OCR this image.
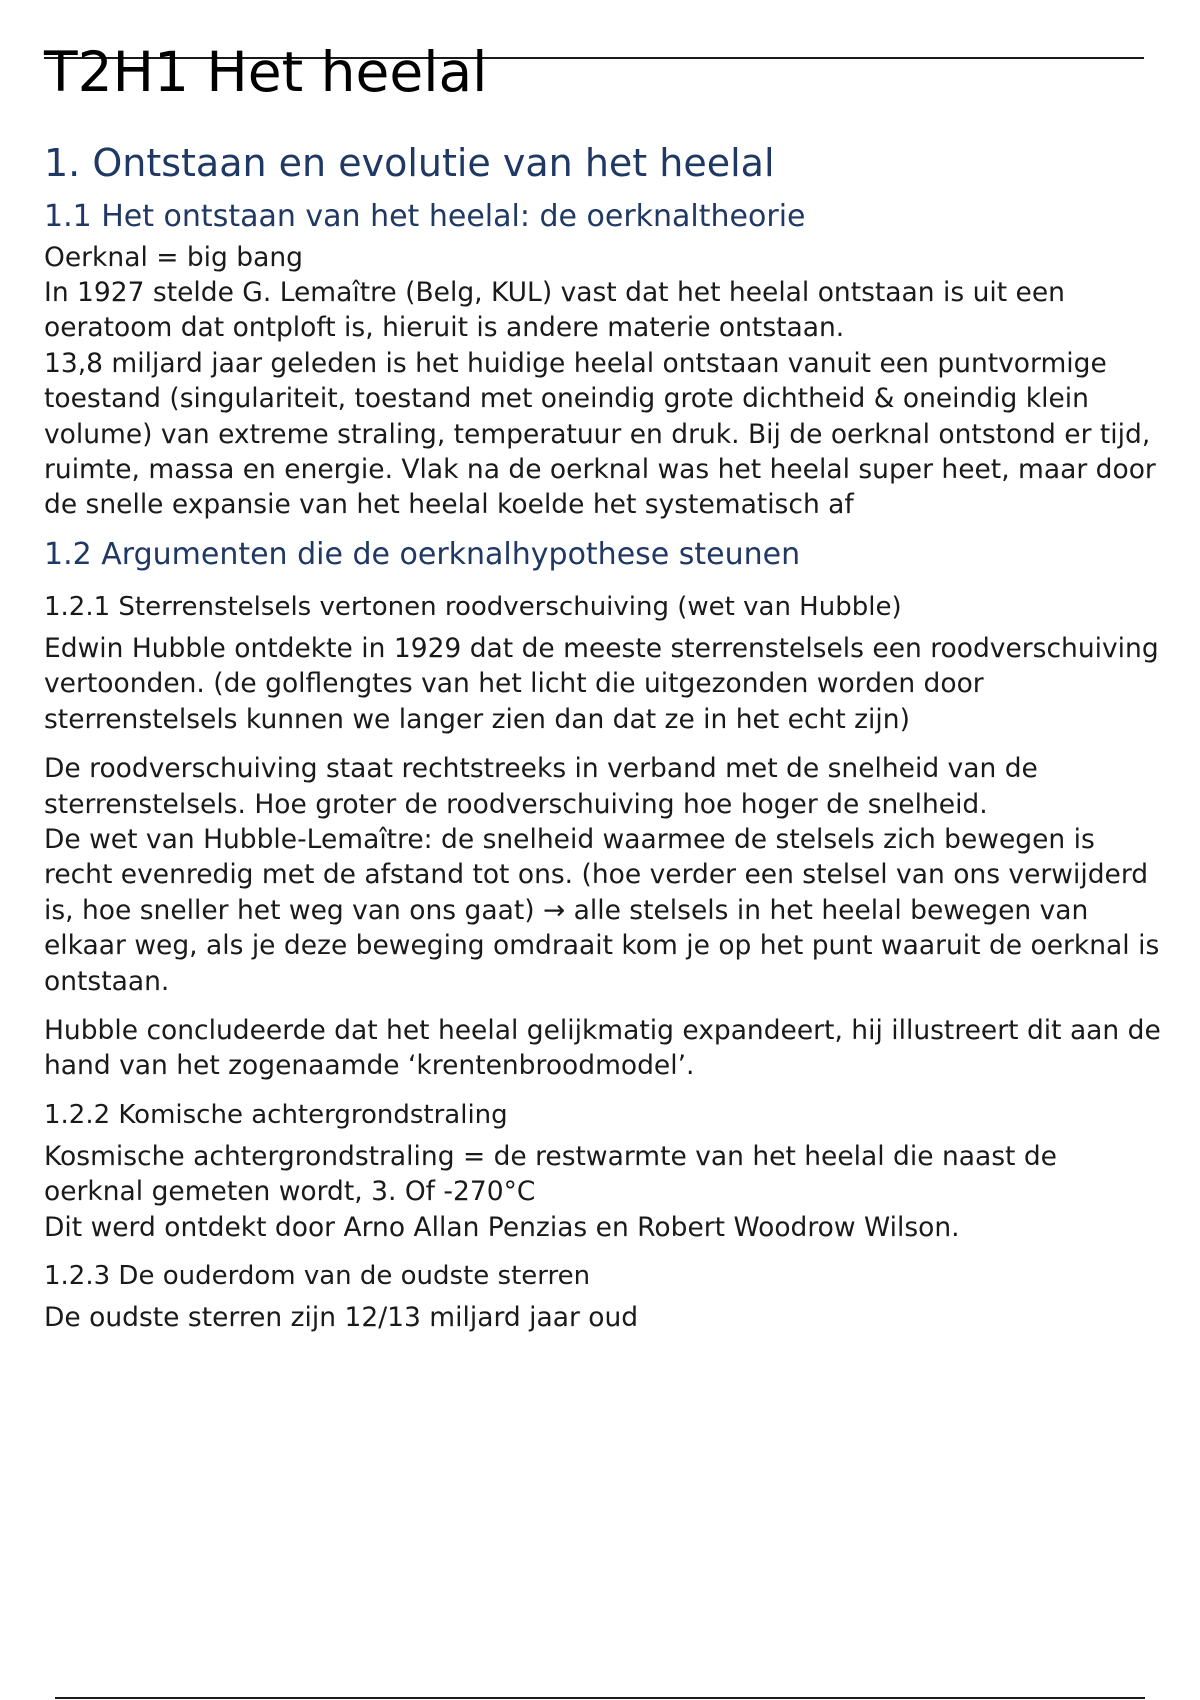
T2H1 Het heelal
1. Ontstaan en evolutie van het heelal
1.1 Het ontstaan van het heelal: de oerknaltheorie

Oerknal = big bang

In 1927 stelde G. Lemaître (Belg, KUL) vast dat het heelal ontstaan is uit een oeratoom dat ontploft is, hieruit is andere materie ontstaan.

13,8 miljard jaar geleden is het huidige heelal ontstaan vanuit een puntvormige toestand (singulariteit, toestand met oneindig grote dichtheid & oneindig klein volume) van extreme straling, temperatuur en druk. Bij de oerknal ontstond er tijd, ruimte, massa en energie. Vlak na de oerknal was het heelal super heet, maar door de snelle expansie van het heelal koelde het systematisch af

1.2 Argumenten die de oerknalhypothese steunen
1.2.1 Sterrenstelsels vertonen roodverschuiving (wet van Hubble)

Edwin Hubble ontdekte in 1929 dat de meeste sterrenstelsels een roodverschuiving vertoonden. (de golflengtes van het licht die uitgezonden worden door sterrenstelsels kunnen we langer zien dan dat ze in het echt zijn)

De roodverschuiving staat rechtstreeks in verband met de snelheid van de sterrenstelsels. Hoe groter de roodverschuiving hoe hoger de snelheid.

De wet van Hubble-Lemaître: de snelheid waarmee de stelsels zich bewegen is recht evenredig met de afstand tot ons. (hoe verder een stelsel van ons verwijderd is, hoe sneller het weg van ons gaat) → alle stelsels in het heelal bewegen van elkaar weg, als je deze beweging omdraait kom je op het punt waaruit de oerknal is ontstaan.

Hubble concludeerde dat het heelal gelijkmatig expandeert, hij illustreert dit aan de hand van het zogenaamde ‘krentenbroodmodel’.

1.2.2 Komische achtergrondstraling

Kosmische achtergrondstraling = de restwarmte van het heelal die naast de oerknal gemeten wordt, 3. Of -270°C

Dit werd ontdekt door Arno Allan Penzias en Robert Woodrow Wilson.

1.2.3 De ouderdom van de oudste sterren

De oudste sterren zijn 12/13 miljard jaar oud
